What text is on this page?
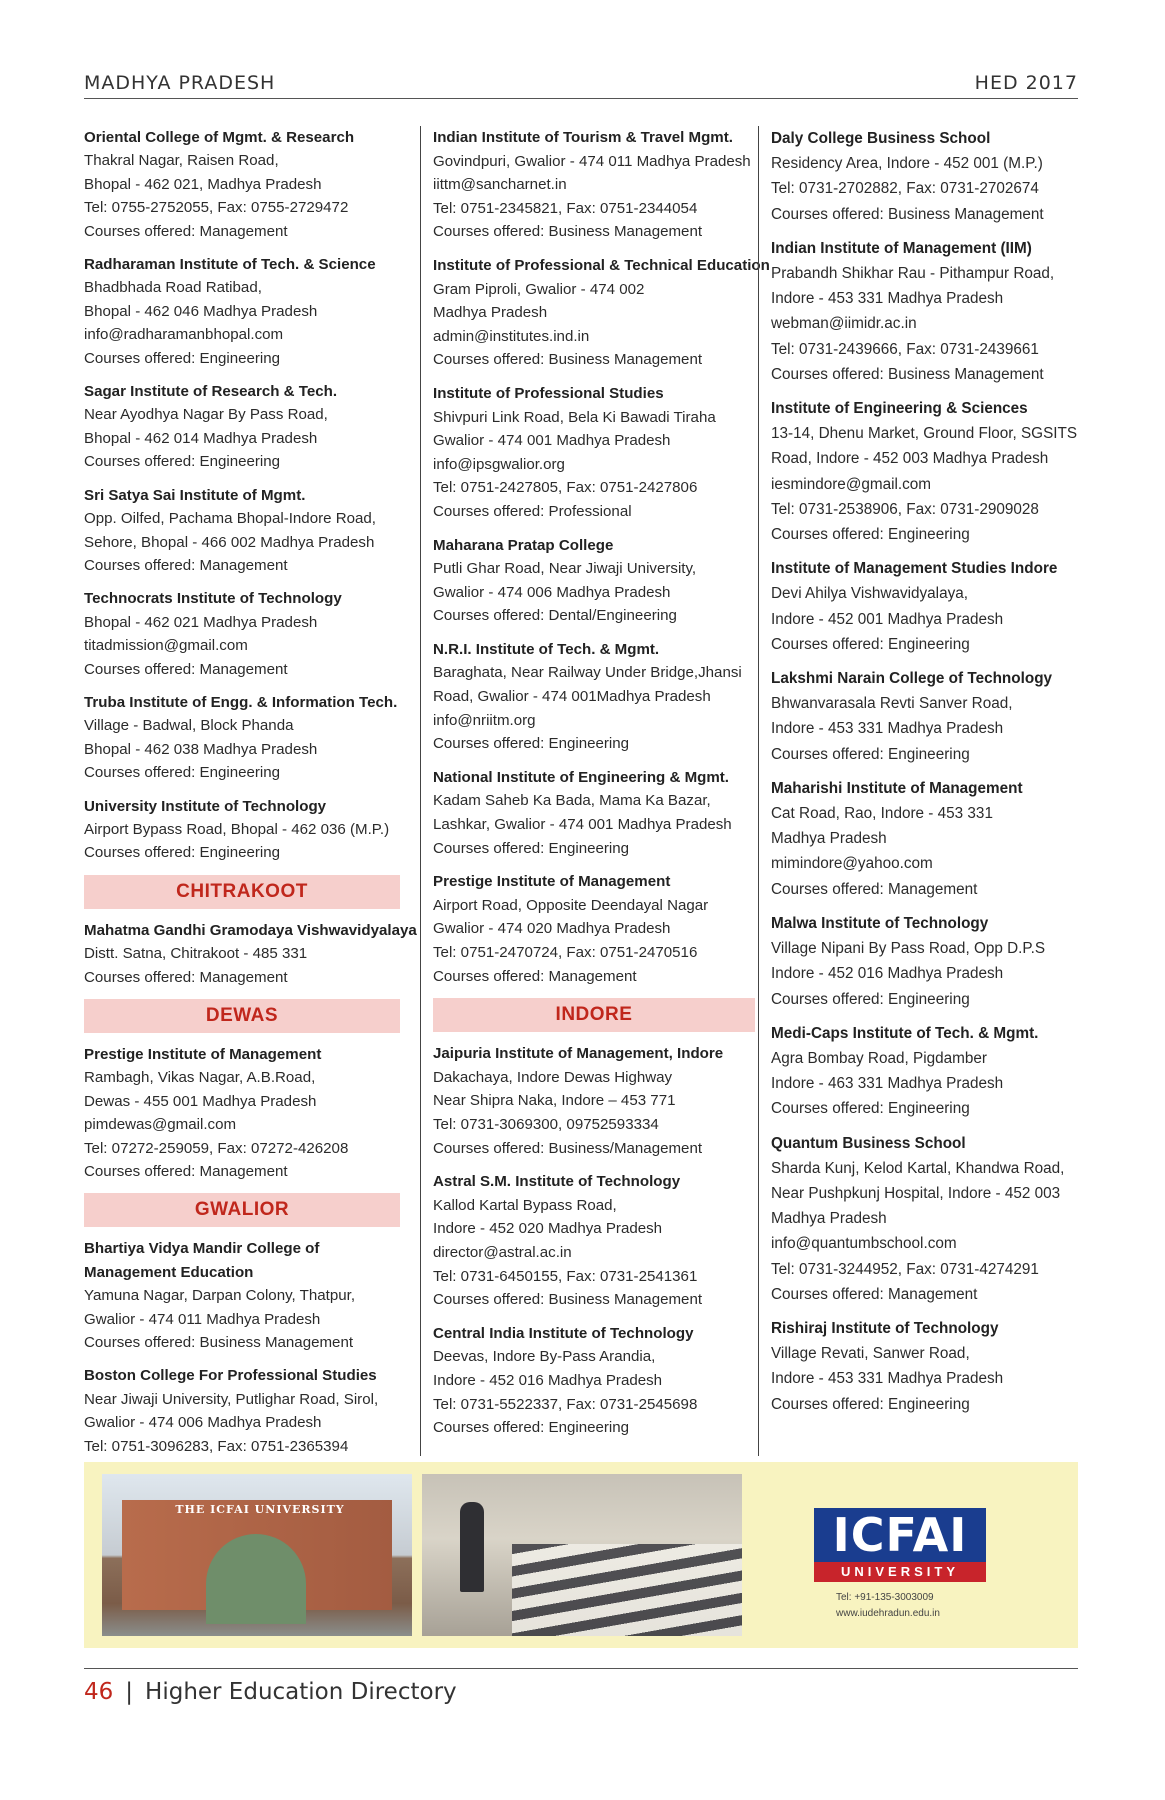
MADHYA PRADESH	HED 2017
Oriental College of Mgmt. & Research
Thakral Nagar, Raisen Road,
Bhopal - 462 021, Madhya Pradesh
Tel: 0755-2752055, Fax: 0755-2729472
Courses offered: Management
Radharaman Institute of Tech. & Science
Bhadbhada Road Ratibad,
Bhopal - 462 046 Madhya Pradesh
info@radharamanbhopal.com
Courses offered: Engineering
Sagar Institute of Research & Tech.
Near Ayodhya Nagar By Pass Road,
Bhopal - 462 014 Madhya Pradesh
Courses offered: Engineering
Sri Satya Sai Institute of Mgmt.
Opp. Oilfed, Pachama Bhopal-Indore Road,
Sehore, Bhopal - 466 002 Madhya Pradesh
Courses offered: Management
Technocrats Institute of Technology
Bhopal - 462 021 Madhya Pradesh
titadmission@gmail.com
Courses offered: Management
Truba Institute of Engg. & Information Tech.
Village - Badwal, Block Phanda
Bhopal - 462 038 Madhya Pradesh
Courses offered: Engineering
University Institute of Technology
Airport Bypass Road, Bhopal - 462 036 (M.P.)
Courses offered: Engineering
CHITRAKOOT
Mahatma Gandhi Gramodaya Vishwavidyalaya
Distt. Satna, Chitrakoot - 485 331
Courses offered: Management
DEWAS
Prestige Institute of Management
Rambagh, Vikas Nagar, A.B.Road,
Dewas - 455 001 Madhya Pradesh
pimdewas@gmail.com
Tel: 07272-259059, Fax: 07272-426208
Courses offered: Management
GWALIOR
Bhartiya Vidya Mandir College of
Management Education
Yamuna Nagar, Darpan Colony, Thatpur,
Gwalior - 474 011 Madhya Pradesh
Courses offered: Business Management
Boston College For Professional Studies
Near Jiwaji University, Putlighar Road, Sirol,
Gwalior - 474 006 Madhya Pradesh
Tel: 0751-3096283, Fax: 0751-2365394
Indian Institute of Tourism & Travel Mgmt.
Govindpuri, Gwalior - 474 011 Madhya Pradesh
iittm@sancharnet.in
Tel: 0751-2345821, Fax: 0751-2344054
Courses offered: Business Management
Institute of Professional & Technical Education
Gram Piproli, Gwalior - 474 002
Madhya Pradesh
admin@institutes.ind.in
Courses offered: Business Management
Institute of Professional Studies
Shivpuri Link Road, Bela Ki Bawadi Tiraha
Gwalior - 474 001 Madhya Pradesh
info@ipsgwalior.org
Tel: 0751-2427805, Fax: 0751-2427806
Courses offered: Professional
Maharana Pratap College
Putli Ghar Road, Near Jiwaji University,
Gwalior - 474 006 Madhya Pradesh
Courses offered: Dental/Engineering
N.R.I. Institute of Tech. & Mgmt.
Baraghata, Near Railway Under Bridge,Jhansi
Road, Gwalior - 474 001Madhya Pradesh
info@nriitm.org
Courses offered: Engineering
National Institute of Engineering & Mgmt.
Kadam Saheb Ka Bada, Mama Ka Bazar,
Lashkar, Gwalior - 474 001 Madhya Pradesh
Courses offered: Engineering
Prestige Institute of Management
Airport Road, Opposite Deendayal Nagar
Gwalior - 474 020 Madhya Pradesh
Tel: 0751-2470724, Fax: 0751-2470516
Courses offered: Management
INDORE
Jaipuria Institute of Management, Indore
Dakachaya, Indore Dewas Highway
Near Shipra Naka, Indore – 453 771
Tel: 0731-3069300, 09752593334
Courses offered: Business/Management
Astral S.M. Institute of Technology
Kallod Kartal Bypass Road,
Indore - 452 020 Madhya Pradesh
director@astral.ac.in
Tel: 0731-6450155, Fax: 0731-2541361
Courses offered: Business Management
Central India Institute of Technology
Deevas, Indore By-Pass Arandia,
Indore - 452 016 Madhya Pradesh
Tel: 0731-5522337, Fax: 0731-2545698
Courses offered: Engineering
Daly College Business School
Residency Area, Indore - 452 001 (M.P.)
Tel: 0731-2702882, Fax: 0731-2702674
Courses offered: Business Management
Indian Institute of Management (IIM)
Prabandh Shikhar Rau - Pithampur Road,
Indore - 453 331 Madhya Pradesh
webman@iimidr.ac.in
Tel: 0731-2439666, Fax: 0731-2439661
Courses offered: Business Management
Institute of Engineering & Sciences
13-14, Dhenu Market, Ground Floor, SGSITS
Road, Indore - 452 003 Madhya Pradesh
iesmindore@gmail.com
Tel: 0731-2538906, Fax: 0731-2909028
Courses offered: Engineering
Institute of Management Studies Indore
Devi Ahilya Vishwavidyalaya,
Indore - 452 001 Madhya Pradesh
Courses offered: Engineering
Lakshmi Narain College of Technology
Bhwanvarasala Revti Sanver Road,
Indore - 453 331 Madhya Pradesh
Courses offered: Engineering
Maharishi Institute of Management
Cat Road, Rao, Indore - 453 331
Madhya Pradesh
mimindore@yahoo.com
Courses offered: Management
Malwa Institute of Technology
Village Nipani By Pass Road, Opp D.P.S
Indore - 452 016 Madhya Pradesh
Courses offered: Engineering
Medi-Caps Institute of Tech. & Mgmt.
Agra Bombay Road, Pigdamber
Indore - 463 331 Madhya Pradesh
Courses offered: Engineering
Quantum Business School
Sharda Kunj, Kelod Kartal, Khandwa Road,
Near Pushpkunj Hospital, Indore - 452 003
Madhya Pradesh
info@quantumbschool.com
Tel: 0731-3244952, Fax: 0731-4274291
Courses offered: Management
Rishiraj Institute of Technology
Village Revati, Sanwer Road,
Indore - 453 331 Madhya Pradesh
Courses offered: Engineering
THE ICFAI UNIVERSITY	ICFAI
UNIVERSITY
Tel: +91-135-3003009
www.iudehradun.edu.in
46 | Higher Education Directory
